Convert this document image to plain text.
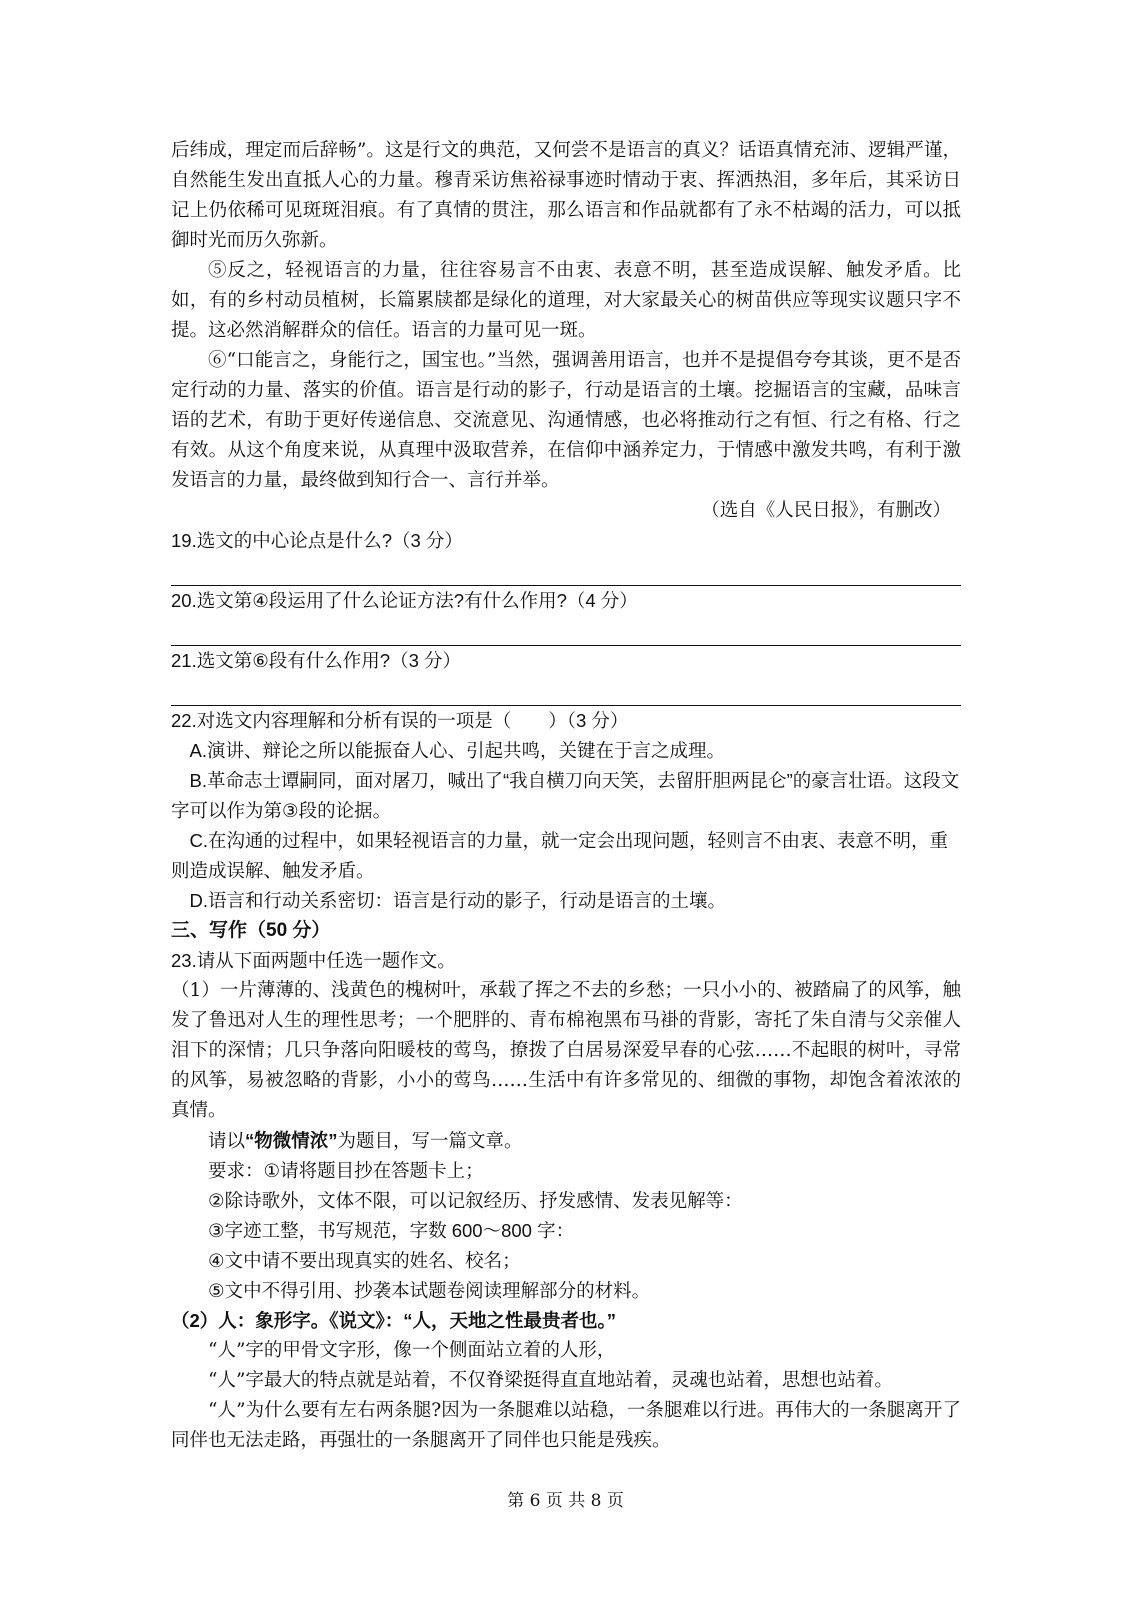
后纬成，理定而后辞畅”。这是行文的典范，又何尝不是语言的真义？话语真情充沛、逻辑严谨，自然能生发出直抵人心的力量。穆青采访焦裕禄事迹时情动于衷、挥洒热泪，多年后，其采访日记上仍依稀可见斑斑泪痕。有了真情的贯注，那么语言和作品就都有了永不枯竭的活力，可以抵御时光而历久弥新。

⑤反之，轻视语言的力量，往往容易言不由衷、表意不明，甚至造成误解、触发矛盾。比如，有的乡村动员植树，长篇累牍都是绿化的道理，对大家最关心的树苗供应等现实议题只字不提。这必然消解群众的信任。语言的力量可见一斑。

⑥“口能言之，身能行之，国宝也。”当然，强调善用语言，也并不是提倡夸夸其谈，更不是否定行动的力量、落实的价值。语言是行动的影子，行动是语言的土壤。挖掘语言的宝藏，品味言语的艺术，有助于更好传递信息、交流意见、沟通情感，也必将推动行之有恒、行之有格、行之有效。从这个角度来说，从真理中汲取营养，在信仰中涵养定力，于情感中激发共鸣，有利于激发语言的力量，最终做到知行合一、言行并举。

（选自《人民日报》，有删改）

19.选文的中心论点是什么?（3 分）

20.选文第④段运用了什么论证方法?有什么作用?（4 分）

21.选文第⑥段有什么作用?（3 分）

22.对选文内容理解和分析有误的一项是（　　）（3 分）

A.演讲、辩论之所以能振奋人心、引起共鸣，关键在于言之成理。

B.革命志士谭嗣同，面对屠刀，喊出了“我自横刀向天笑，去留肝胆两昆仑”的豪言壮语。这段文字可以作为第③段的论据。

C.在沟通的过程中，如果轻视语言的力量，就一定会出现问题，轻则言不由衷、表意不明，重则造成误解、触发矛盾。

D.语言和行动关系密切：语言是行动的影子，行动是语言的土壤。

三、写作（50 分）

23.请从下面两题中任选一题作文。

（1）一片薄薄的、浅黄色的槐树叶，承载了挥之不去的乡愁；一只小小的、被踏扁了的风筝，触发了鲁迅对人生的理性思考；一个肥胖的、青布棉袍黑布马褂的背影，寄托了朱自清与父亲催人泪下的深情；几只争落向阳暖枝的莺鸟，撩拨了白居易深爱早春的心弦……不起眼的树叶，寻常的风筝，易被忽略的背影，小小的莺鸟……生活中有许多常见的、细微的事物，却饱含着浓浓的真情。

请以“物微情浓”为题目，写一篇文章。

要求：①请将题目抄在答题卡上；

②除诗歌外，文体不限，可以记叙经历、抒发感情、发表见解等：

③字迹工整，书写规范，字数 600～800 字：

④文中请不要出现真实的姓名、校名；

⑤文中不得引用、抄袭本试题卷阅读理解部分的材料。

（2）人：象形字。《说文》：“人，天地之性最贵者也。”

“人”字的甲骨文字形，像一个侧面站立着的人形，

“人”字最大的特点就是站着，不仅脊梁挺得直直地站着，灵魂也站着，思想也站着。

“人”为什么要有左右两条腿?因为一条腿难以站稳，一条腿难以行进。再伟大的一条腿离开了同伴也无法走路，再强壮的一条腿离开了同伴也只能是残疾。

第 6 页 共 8 页
